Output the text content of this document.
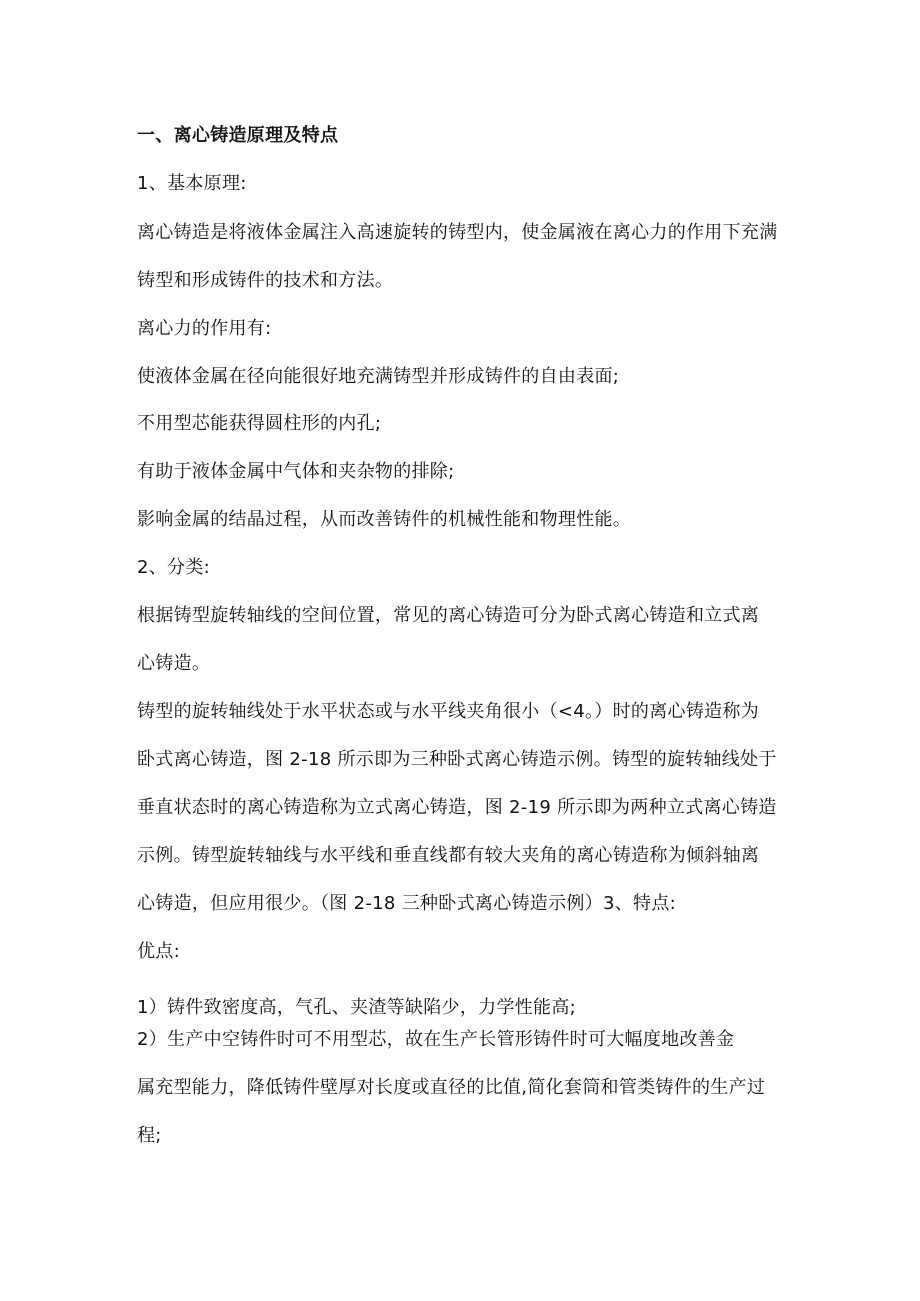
一、离心铸造原理及特点
1、基本原理:
离心铸造是将液体金属注入高速旋转的铸型内，使金属液在离心力的作用下充满
铸型和形成铸件的技术和方法。
离心力的作用有:
使液体金属在径向能很好地充满铸型并形成铸件的自由表面;
不用型芯能获得圆柱形的内孔;
有助于液体金属中气体和夹杂物的排除;
影响金属的结晶过程，从而改善铸件的机械性能和物理性能。
2、分类:
根据铸型旋转轴线的空间位置，常见的离心铸造可分为卧式离心铸造和立式离
心铸造。
铸型的旋转轴线处于水平状态或与水平线夹角很小（<4。）时的离心铸造称为
卧式离心铸造，图 2-18 所示即为三种卧式离心铸造示例。铸型的旋转轴线处于
垂直状态时的离心铸造称为立式离心铸造，图 2-19 所示即为两种立式离心铸造
示例。铸型旋转轴线与水平线和垂直线都有较大夹角的离心铸造称为倾斜轴离
心铸造，但应用很少。（图 2-18 三种卧式离心铸造示例）3、特点:
优点:
1）铸件致密度高，气孔、夹渣等缺陷少，力学性能高;
2）生产中空铸件时可不用型芯，故在生产长管形铸件时可大幅度地改善金
属充型能力，降低铸件壁厚对长度或直径的比值,简化套筒和管类铸件的生产过
程;
